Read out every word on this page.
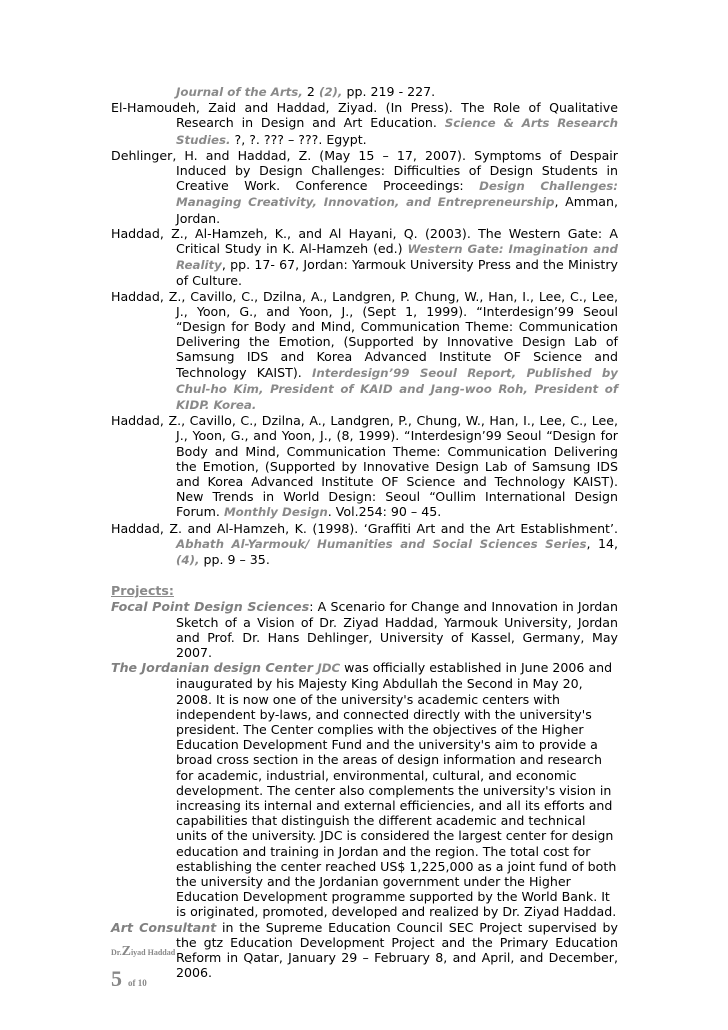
Journal of the Arts, 2 (2), pp. 219 - 227.

El-Hamoudeh, Zaid and Haddad, Ziyad. (In Press). The Role of Qualitative Research in Design and Art Education. Science & Arts Research Studies. ?, ?. ??? – ???. Egypt.

Dehlinger, H. and Haddad, Z. (May 15 – 17, 2007). Symptoms of Despair Induced by Design Challenges: Difficulties of Design Students in Creative Work. Conference Proceedings: Design Challenges: Managing Creativity, Innovation, and Entrepreneurship, Amman, Jordan.

Haddad, Z., Al-Hamzeh, K., and Al Hayani, Q. (2003). The Western Gate: A Critical Study in K. Al-Hamzeh (ed.) Western Gate: Imagination and Reality, pp. 17- 67, Jordan: Yarmouk University Press and the Ministry of Culture.

Haddad, Z., Cavillo, C., Dzilna, A., Landgren, P. Chung, W., Han, I., Lee, C., Lee, J., Yoon, G., and Yoon, J., (Sept 1, 1999). “Interdesign’99 Seoul “Design for Body and Mind, Communication Theme: Communication Delivering the Emotion, (Supported by Innovative Design Lab of Samsung IDS and Korea Advanced Institute OF Science and Technology KAIST). Interdesign’99 Seoul Report, Published by Chul-ho Kim, President of KAID and Jang-woo Roh, President of KIDP. Korea.

Haddad, Z., Cavillo, C., Dzilna, A., Landgren, P., Chung, W., Han, I., Lee, C., Lee, J., Yoon, G., and Yoon, J., (8, 1999). “Interdesign’99 Seoul “Design for Body and Mind, Communication Theme: Communication Delivering the Emotion, (Supported by Innovative Design Lab of Samsung IDS and Korea Advanced Institute OF Science and Technology KAIST). New Trends in World Design: Seoul “Oullim International Design Forum. Monthly Design. Vol.254: 90 – 45.

Haddad, Z. and Al-Hamzeh, K. (1998). ‘Graffiti Art and the Art Establishment’. Abhath Al-Yarmouk/ Humanities and Social Sciences Series, 14, (4), pp. 9 – 35.

Projects:

Focal Point Design Sciences: A Scenario for Change and Innovation in Jordan Sketch of a Vision of Dr. Ziyad Haddad, Yarmouk University, Jordan and Prof. Dr. Hans Dehlinger, University of Kassel, Germany, May 2007.

The Jordanian design Center JDC was officially established in June 2006 and inaugurated by his Majesty King Abdullah the Second in May 20, 2008. It is now one of the university's academic centers with independent by-laws, and connected directly with the university's president. The Center complies with the objectives of the Higher Education Development Fund and the university's aim to provide a broad cross section in the areas of design information and research for academic, industrial, environmental, cultural, and economic development. The center also complements the university's vision in increasing its internal and external efficiencies, and all its efforts and capabilities that distinguish the different academic and technical units of the university. JDC is considered the largest center for design education and training in Jordan and the region. The total cost for establishing the center reached US$ 1,225,000 as a joint fund of both the university and the Jordanian government under the Higher Education Development programme supported by the World Bank. It is originated, promoted, developed and realized by Dr. Ziyad Haddad.

Art Consultant in the Supreme Education Council SEC Project supervised by the gtz Education Development Project and the Primary Education Reform in Qatar, January 29 – February 8, and April, and December, 2006.

Dr.Ziyad Haddad
5 of 10
